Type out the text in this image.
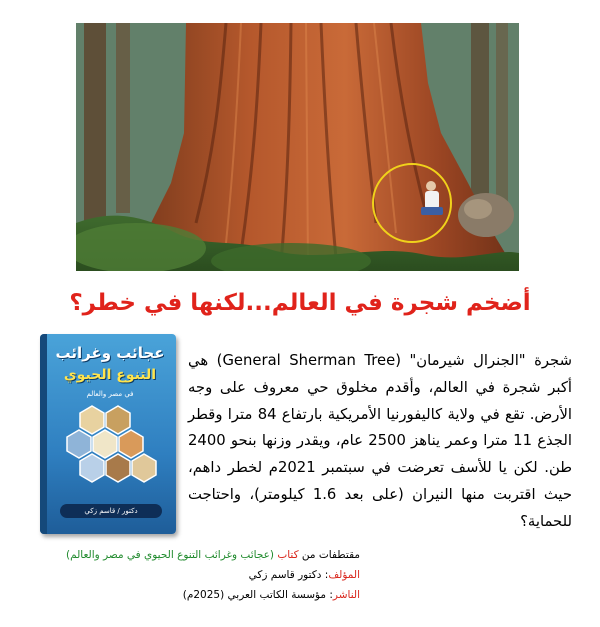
أضخم شجرة في العالم...لكنها في خطر؟
عجائب وغرائب
التنوع الحيوي
في مصر والعالم
دكتور / قاسم زكي
شجرة "الجنرال شيرمان" (General Sherman Tree) هي أكبر شجرة في العالم، وأقدم مخلوق حي معروف على وجه الأرض. تقع في ولاية كاليفورنيا الأمريكية بارتفاع 84 مترا وقطر الجذع 11 مترا وعمر يناهز 2500 عام، ويقدر وزنها بنحو 2400 طن. لكن يا للأسف تعرضت في سبتمبر 2021م لخطر داهم، حيث اقتربت منها النيران (على بعد 1.6 كيلومتر)، واحتاجت للحماية؟
مقتطفات من كتاب (عجائب وغرائب التنوع الحيوي في مصر والعالم)
المؤلف: دكتور قاسم زكي
الناشر: مؤسسة الكاتب العربي (2025م)
